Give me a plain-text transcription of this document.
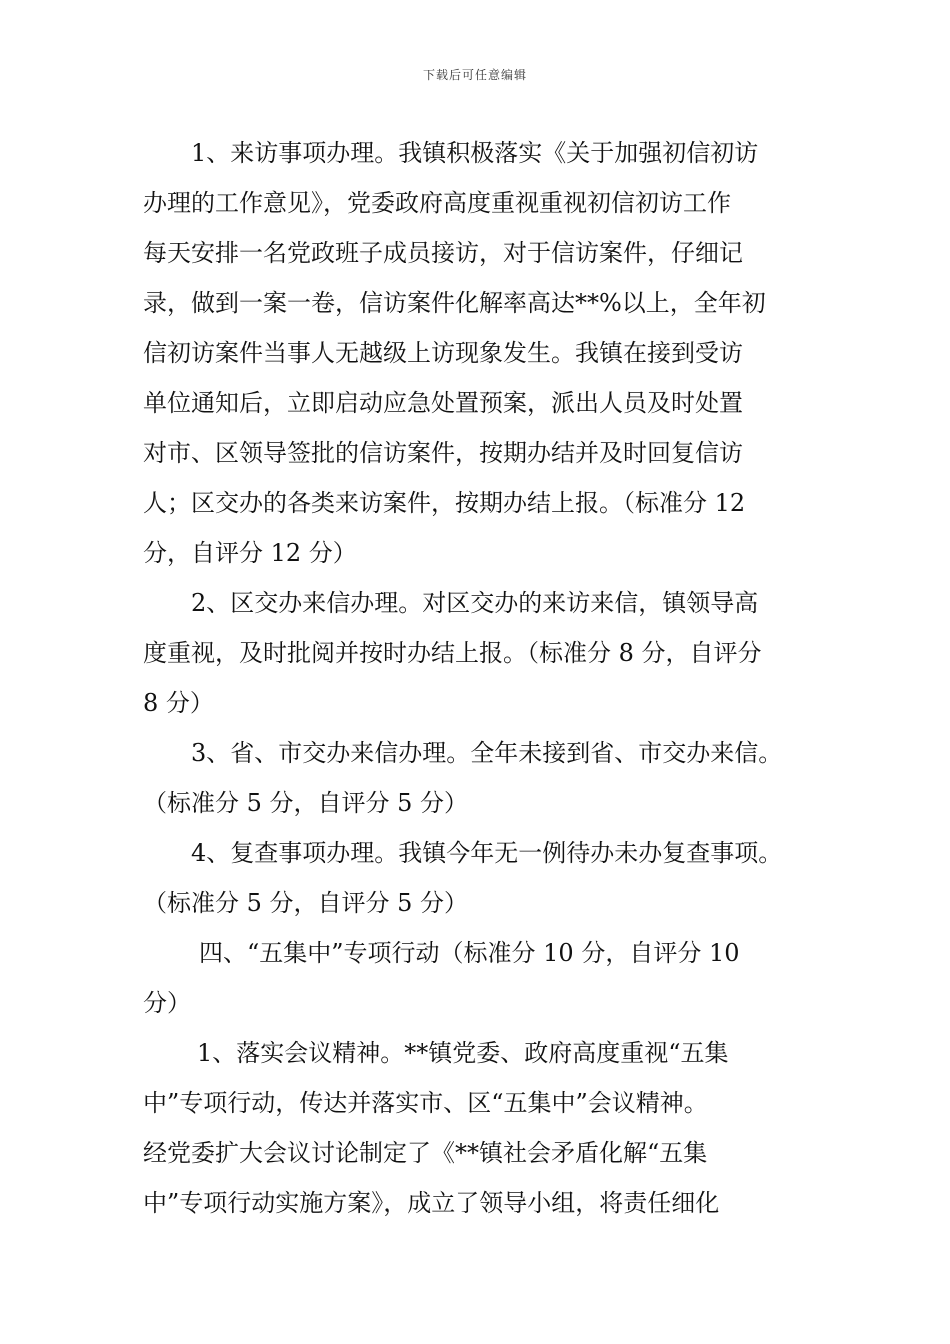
下载后可任意编辑
1、来访事项办理。我镇积极落实《关于加强初信初访
办理的工作意见》，党委政府高度重视重视初信初访工作
每天安排一名党政班子成员接访，对于信访案件，仔细记
录，做到一案一卷，信访案件化解率高达**%以上，全年初
信初访案件当事人无越级上访现象发生。我镇在接到受访
单位通知后，立即启动应急处置预案，派出人员及时处置
对市、区领导签批的信访案件，按期办结并及时回复信访
人；区交办的各类来访案件，按期办结上报。（标准分 12
分，自评分 12 分）
2、区交办来信办理。对区交办的来访来信，镇领导高
度重视，及时批阅并按时办结上报。（标准分 8 分，自评分
8 分）
3、省、市交办来信办理。全年未接到省、市交办来信。
（标准分 5 分，自评分 5 分）
4、复查事项办理。我镇今年无一例待办未办复查事项。
（标准分 5 分，自评分 5 分）
四、“五集中”专项行动（标准分 10 分，自评分 10
分）
1、落实会议精神。**镇党委、政府高度重视“五集
中”专项行动，传达并落实市、区“五集中”会议精神。
经党委扩大会议讨论制定了《**镇社会矛盾化解“五集
中”专项行动实施方案》，成立了领导小组，将责任细化
